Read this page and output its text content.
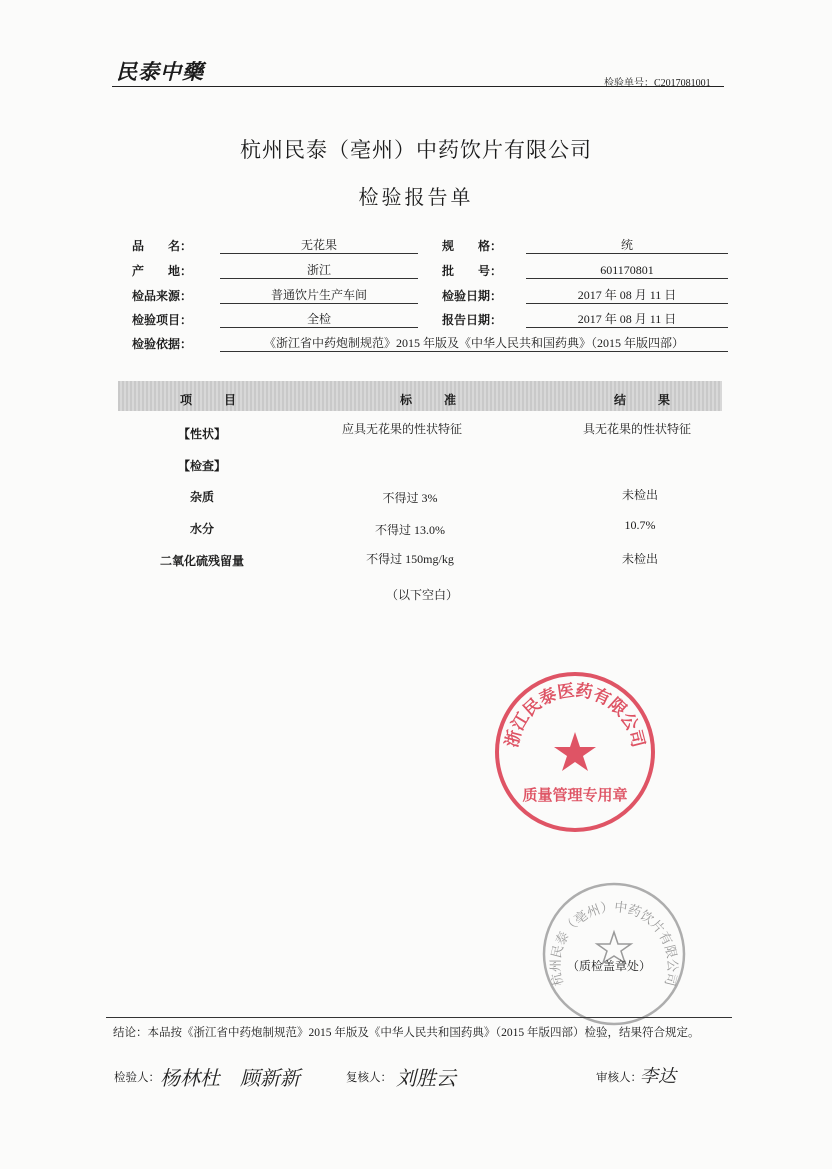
民泰中藥	检验单号：C2017081001
杭州民泰（亳州）中药饮片有限公司
检验报告单
品　　名：	无花果	规　　格：	统
产　　地：	浙江	批　　号：	601170801
检品来源：	普通饮片生产车间	检验日期：	2017 年 08 月 11 日
检验项目：	全检	报告日期：	2017 年 08 月 11 日
检验依据：	《浙江省中药炮制规范》2015 年版及《中华人民共和国药典》（2015 年版四部）
项　目	标　准	结　果
【性状】	应具无花果的性状特征	具无花果的性状特征
【检查】
杂质	不得过 3%	未检出
水分	不得过 13.0%	10.7%
二氧化硫残留量	不得过 150mg/kg	未检出
（以下空白）
浙江民泰医药有限公司
质量管理专用章
杭州民泰（亳州）中药饮片有限公司
（质检盖章处）
结论：本品按《浙江省中药炮制规范》2015 年版及《中华人民共和国药典》（2015 年版四部）检验，结果符合规定。
检验人： 杨林杜　顾新新	复核人： 刘胜云	审核人：
李达
